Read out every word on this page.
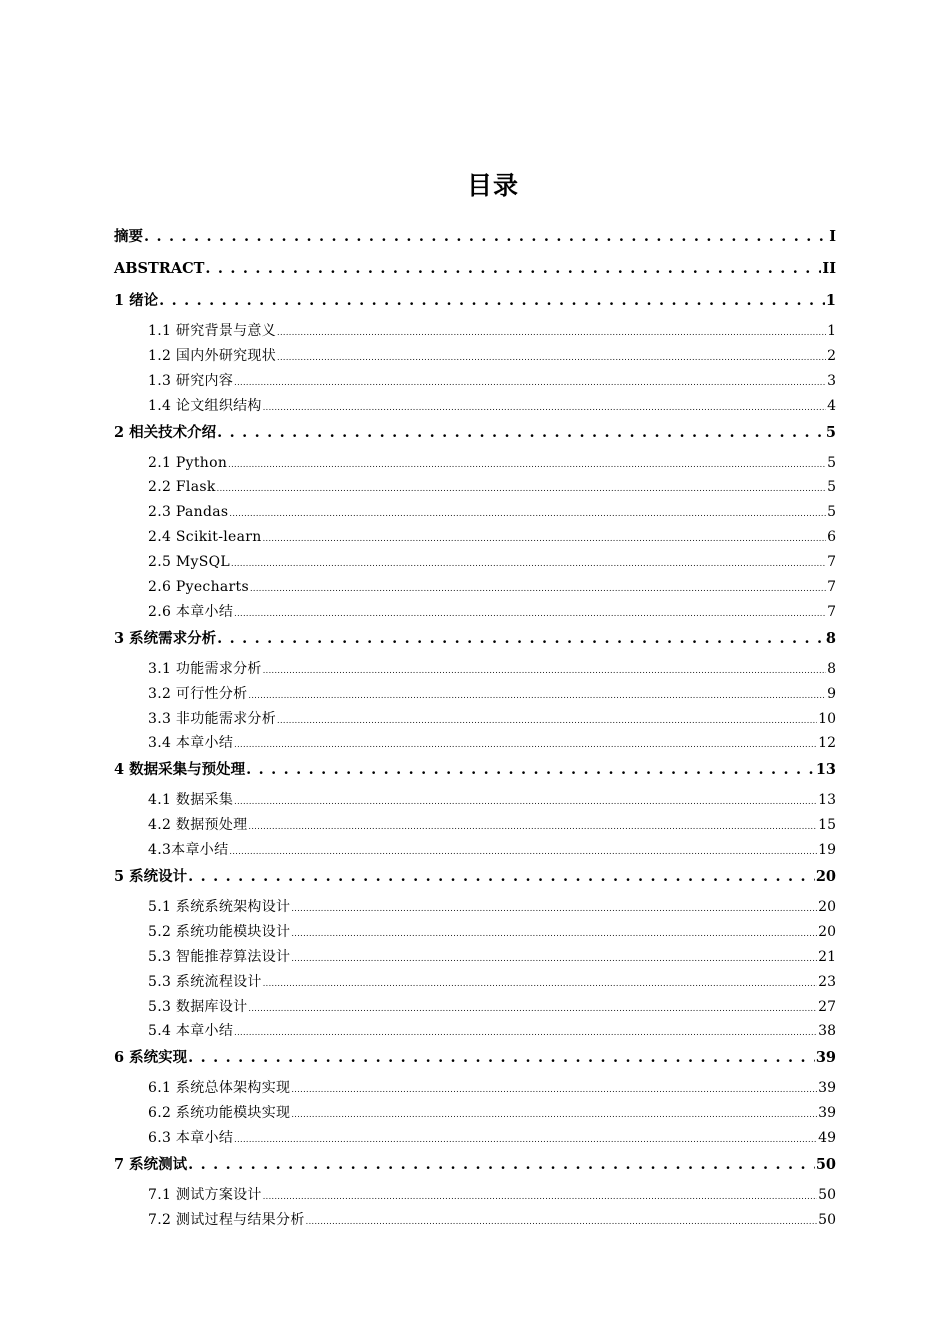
目录
摘要 . . .	I
ABSTRACT . . .	II
1 绪论 . . .	1
1.1 研究背景与意义 .....	1
1.2 国内外研究现状 .....	2
1.3 研究内容 .....	3
1.4 论文组织结构 .....	4
2 相关技术介绍 . . .	5
2.1 Python .....	5
2.2 Flask .....	5
2.3 Pandas .....	5
2.4 Scikit-learn .....	6
2.5 MySQL .....	7
2.6 Pyecharts .....	7
2.6 本章小结 .....	7
3 系统需求分析 . . .	8
3.1 功能需求分析 .....	8
3.2 可行性分析 .....	9
3.3 非功能需求分析 .....	10
3.4 本章小结 .....	12
4 数据采集与预处理 . . .	13
4.1 数据采集 .....	13
4.2 数据预处理 .....	15
4.3本章小结 .....	19
5 系统设计 . . .	20
5.1 系统系统架构设计 .....	20
5.2 系统功能模块设计 .....	20
5.3 智能推荐算法设计 .....	21
5.3 系统流程设计 .....	23
5.3 数据库设计 .....	27
5.4 本章小结 .....	38
6 系统实现 . . .	39
6.1 系统总体架构实现 .....	39
6.2 系统功能模块实现 .....	39
6.3 本章小结 .....	49
7 系统测试 . . .	50
7.1 测试方案设计 .....	50
7.2 测试过程与结果分析 .....	50
